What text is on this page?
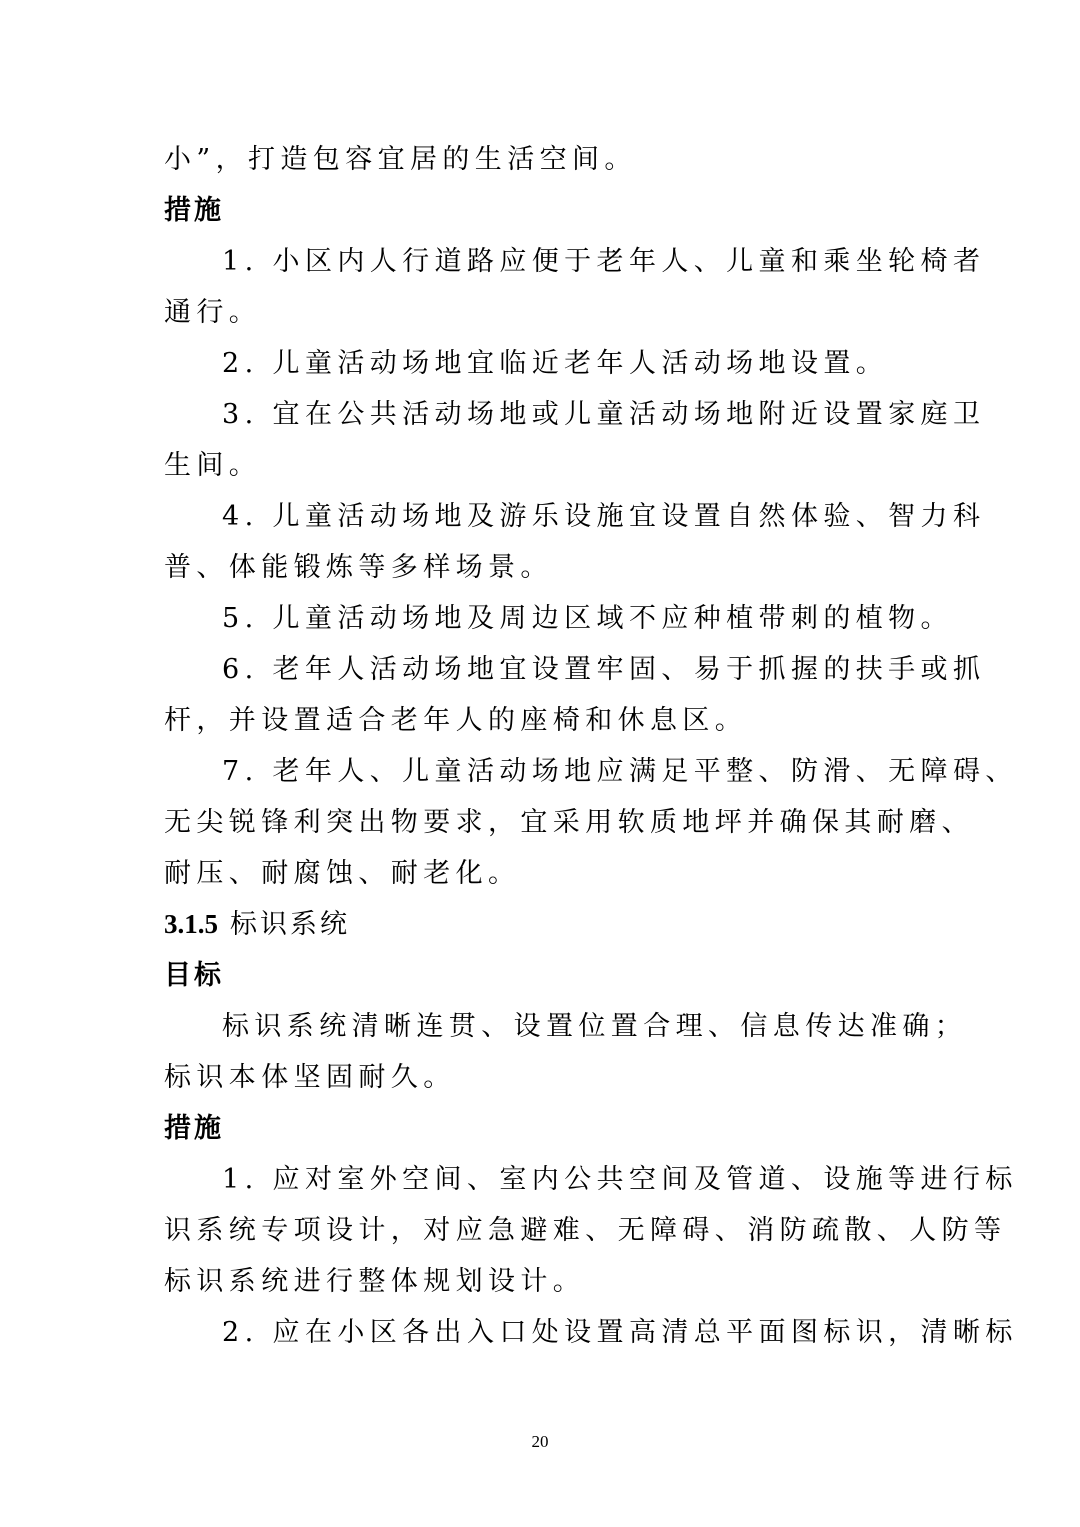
小”，打造包容宜居的生活空间。
措施
1. 小区内人行道路应便于老年人、儿童和乘坐轮椅者
通行。
2. 儿童活动场地宜临近老年人活动场地设置。
3. 宜在公共活动场地或儿童活动场地附近设置家庭卫
生间。
4. 儿童活动场地及游乐设施宜设置自然体验、智力科
普、体能锻炼等多样场景。
5. 儿童活动场地及周边区域不应种植带刺的植物。
6. 老年人活动场地宜设置牢固、易于抓握的扶手或抓
杆，并设置适合老年人的座椅和休息区。
7. 老年人、儿童活动场地应满足平整、防滑、无障碍、
无尖锐锋利突出物要求，宜采用软质地坪并确保其耐磨、
耐压、耐腐蚀、耐老化。
3.1.5 标识系统
目标
标识系统清晰连贯、设置位置合理、信息传达准确；
标识本体坚固耐久。
措施
1. 应对室外空间、室内公共空间及管道、设施等进行标
识系统专项设计，对应急避难、无障碍、消防疏散、人防等
标识系统进行整体规划设计。
2. 应在小区各出入口处设置高清总平面图标识，清晰标
20
